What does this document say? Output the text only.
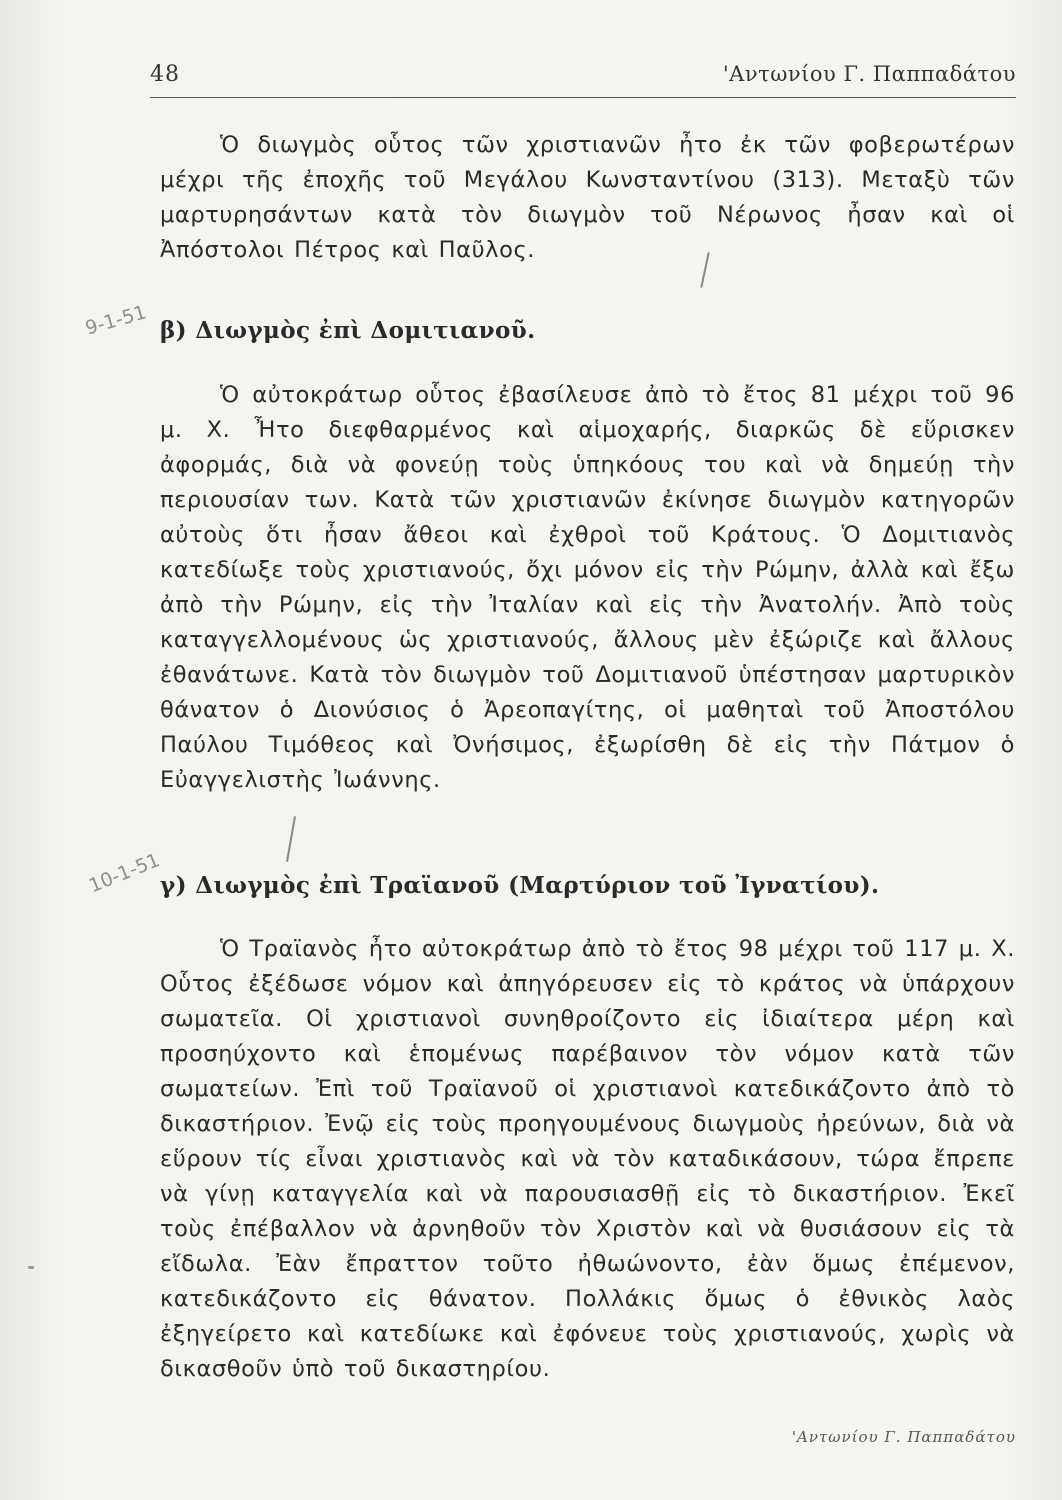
48	'Αντωνίου Γ. Παππαδάτου

Ὁ διωγμὸς οὗτος τῶν χριστιανῶν ἦτο ἐκ τῶν φοβερωτέρων μέχρι τῆς ἐποχῆς τοῦ Μεγάλου Κωνσταντίνου (313). Μεταξὺ τῶν μαρτυρησάντων κατὰ τὸν διωγμὸν τοῦ Νέρωνος ἦσαν καὶ οἱ Ἀπόστολοι Πέτρος καὶ Παῦλος.

9-1-51 β) Διωγμὸς ἐπὶ Δομιτιανοῦ.

Ὁ αὐτοκράτωρ οὗτος ἐβασίλευσε ἀπὸ τὸ ἔτος 81 μέχρι τοῦ 96 μ. Χ. Ἦτο διεφθαρμένος καὶ αἱμοχαρής, διαρκῶς δὲ εὕρισκεν ἀφορμάς, διὰ νὰ φονεύῃ τοὺς ὑπηκόους του καὶ νὰ δημεύῃ τὴν περιουσίαν των. Κατὰ τῶν χριστιανῶν ἐκίνησε διωγμὸν κατηγορῶν αὐτοὺς ὅτι ἦσαν ἄθεοι καὶ ἐχθροὶ τοῦ Κράτους. Ὁ Δομιτιανὸς κατεδίωξε τοὺς χριστιανούς, ὄχι μόνον εἰς τὴν Ρώμην, ἀλλὰ καὶ ἔξω ἀπὸ τὴν Ρώμην, εἰς τὴν Ἰταλίαν καὶ εἰς τὴν Ἀνατολήν. Ἀπὸ τοὺς καταγγελλομένους ὡς χριστιανούς, ἄλλους μὲν ἐξώριζε καὶ ἄλλους ἐθανάτωνε. Κατὰ τὸν διωγμὸν τοῦ Δομιτιανοῦ ὑπέστησαν μαρτυρικὸν θάνατον ὁ Διονύσιος ὁ Ἀρεοπαγίτης, οἱ μαθηταὶ τοῦ Ἀποστόλου Παύλου Τιμόθεος καὶ Ὀνήσιμος, ἐξωρίσθη δὲ εἰς τὴν Πάτμον ὁ Εὐαγγελιστὴς Ἰωάννης.

10-1-51
γ) Διωγμὸς ἐπὶ Τραϊανοῦ (Μαρτύριον τοῦ Ἰγνατίου).

Ὁ Τραϊανὸς ἦτο αὐτοκράτωρ ἀπὸ τὸ ἔτος 98 μέχρι τοῦ 117 μ. Χ. Οὗτος ἐξέδωσε νόμον καὶ ἀπηγόρευσεν εἰς τὸ κράτος νὰ ὑπάρχουν σωματεῖα. Οἱ χριστιανοὶ συνηθροίζοντο εἰς ἰδιαίτερα μέρη καὶ προσηύχοντο καὶ ἑπομένως παρέβαινον τὸν νόμον κατὰ τῶν σωματείων. Ἐπὶ τοῦ Τραϊανοῦ οἱ χριστιανοὶ κατεδικάζοντο ἀπὸ τὸ δικαστήριον. Ἐνῷ εἰς τοὺς προηγουμένους διωγμοὺς ἠρεύνων, διὰ νὰ εὕρουν τίς εἶναι χριστιανὸς καὶ νὰ τὸν καταδικάσουν, τώρα ἔπρεπε νὰ γίνῃ καταγγελία καὶ νὰ παρουσιασθῇ εἰς τὸ δικαστήριον. Ἐκεῖ τοὺς ἐπέβαλλον νὰ ἀρνηθοῦν τὸν Χριστὸν καὶ νὰ θυσιάσουν εἰς τὰ εἴδωλα. Ἐὰν ἔπραττον τοῦτο ἠθωώνοντο, ἐὰν ὅμως ἐπέμενον, κατεδικάζοντο εἰς θάνατον. Πολλάκις ὅμως ὁ ἐθνικὸς λαὸς ἐξηγείρετο καὶ κατεδίωκε καὶ ἐφόνευε τοὺς χριστιανούς, χωρὶς νὰ δικασθοῦν ὑπὸ τοῦ δικαστηρίου.

'Αντωνίου Γ. Παππαδάτου
